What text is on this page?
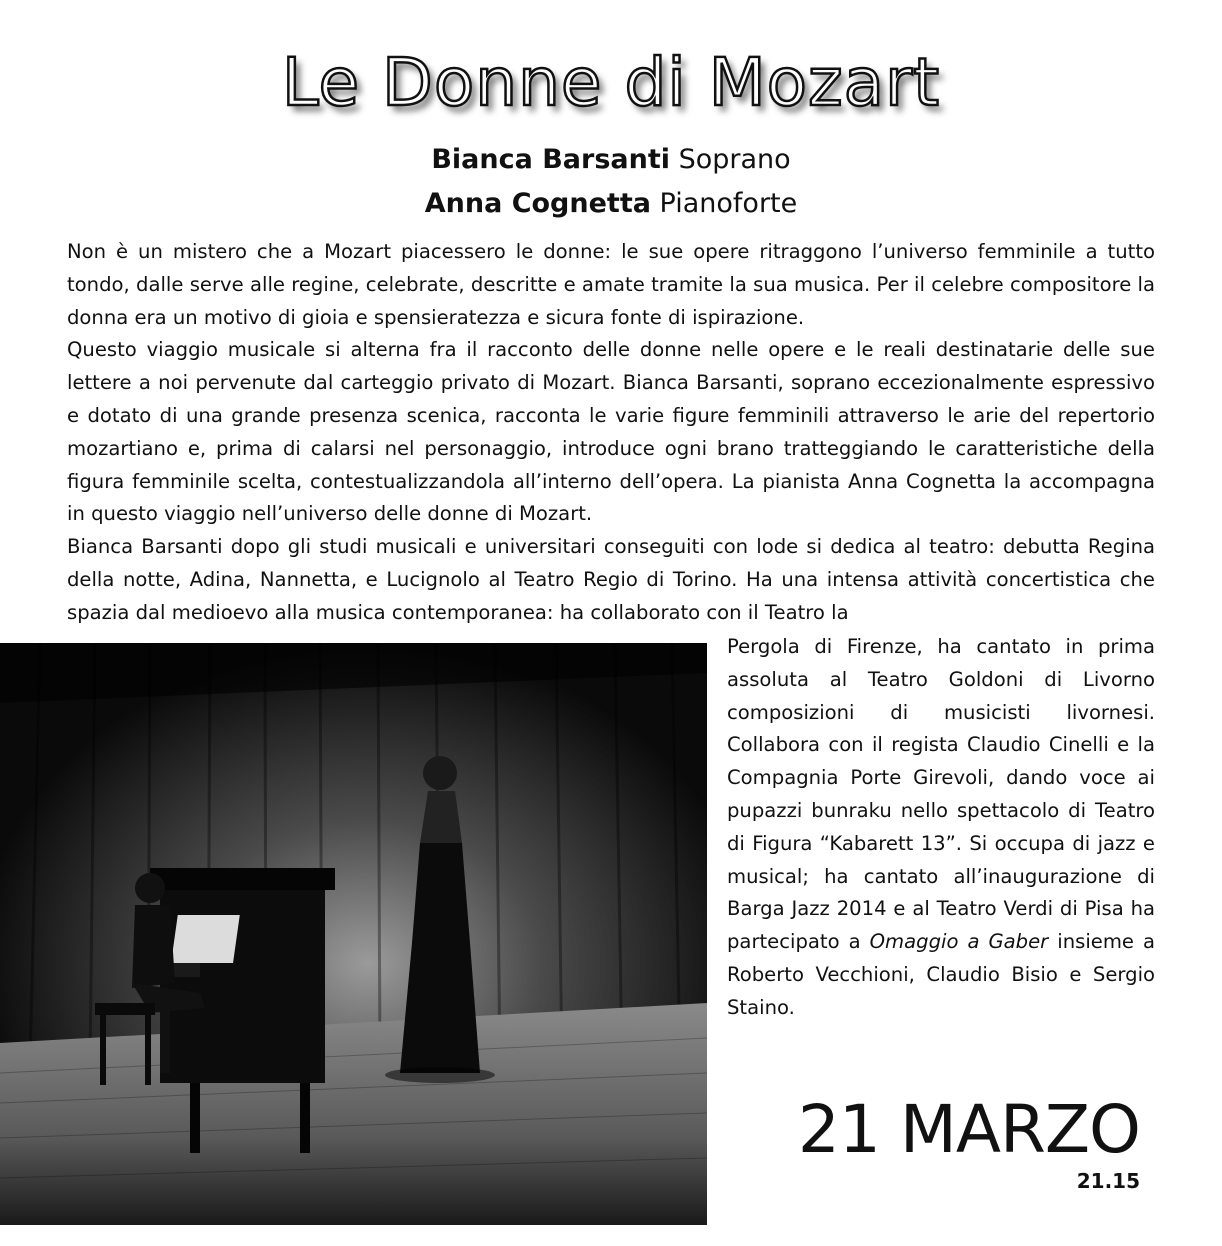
Le Donne di Mozart
Bianca Barsanti Soprano
Anna Cognetta Pianoforte

Non è un mistero che a Mozart piacessero le donne: le sue opere ritraggono l’universo femminile a tutto tondo, dalle serve alle regine, celebrate, descritte e amate tramite la sua musica. Per il celebre compositore la donna era un motivo di gioia e spensieratezza e sicura fonte di ispirazione.

Questo viaggio musicale si alterna fra il racconto delle donne nelle opere e le reali destinatarie delle sue lettere a noi pervenute dal carteggio privato di Mozart. Bianca Barsanti, soprano eccezionalmente espressivo e dotato di una grande presenza scenica, racconta le varie figure femminili attraverso le arie del repertorio mozartiano e, prima di calarsi nel personaggio, introduce ogni brano tratteggiando le caratteristiche della figura femminile scelta, contestualizzandola all’interno dell’opera. La pianista Anna Cognetta la accompagna in questo viaggio nell’universo delle donne di Mozart.

Bianca Barsanti dopo gli studi musicali e universitari conseguiti con lode si dedica al teatro: debutta Regina della notte, Adina, Nannetta, e Lucignolo al Teatro Regio di Torino. Ha una intensa attività concertistica che spazia dal medioevo alla musica contemporanea: ha collaborato con il Teatro la

Pergola di Firenze, ha cantato in prima assoluta al Teatro Goldoni di Livorno composizioni di musicisti livornesi. Collabora con il regista Claudio Cinelli e la Compagnia Porte Girevoli, dando voce ai pupazzi bunraku nello spettacolo di Teatro di Figura “Kabarett 13”. Si occupa di jazz e musical; ha cantato all’inaugurazione di Barga Jazz 2014 e al Teatro Verdi di Pisa ha partecipato a Omaggio a Gaber insieme a Roberto Vecchioni, Claudio Bisio e Sergio Staino.

21 MARZO
21.15
